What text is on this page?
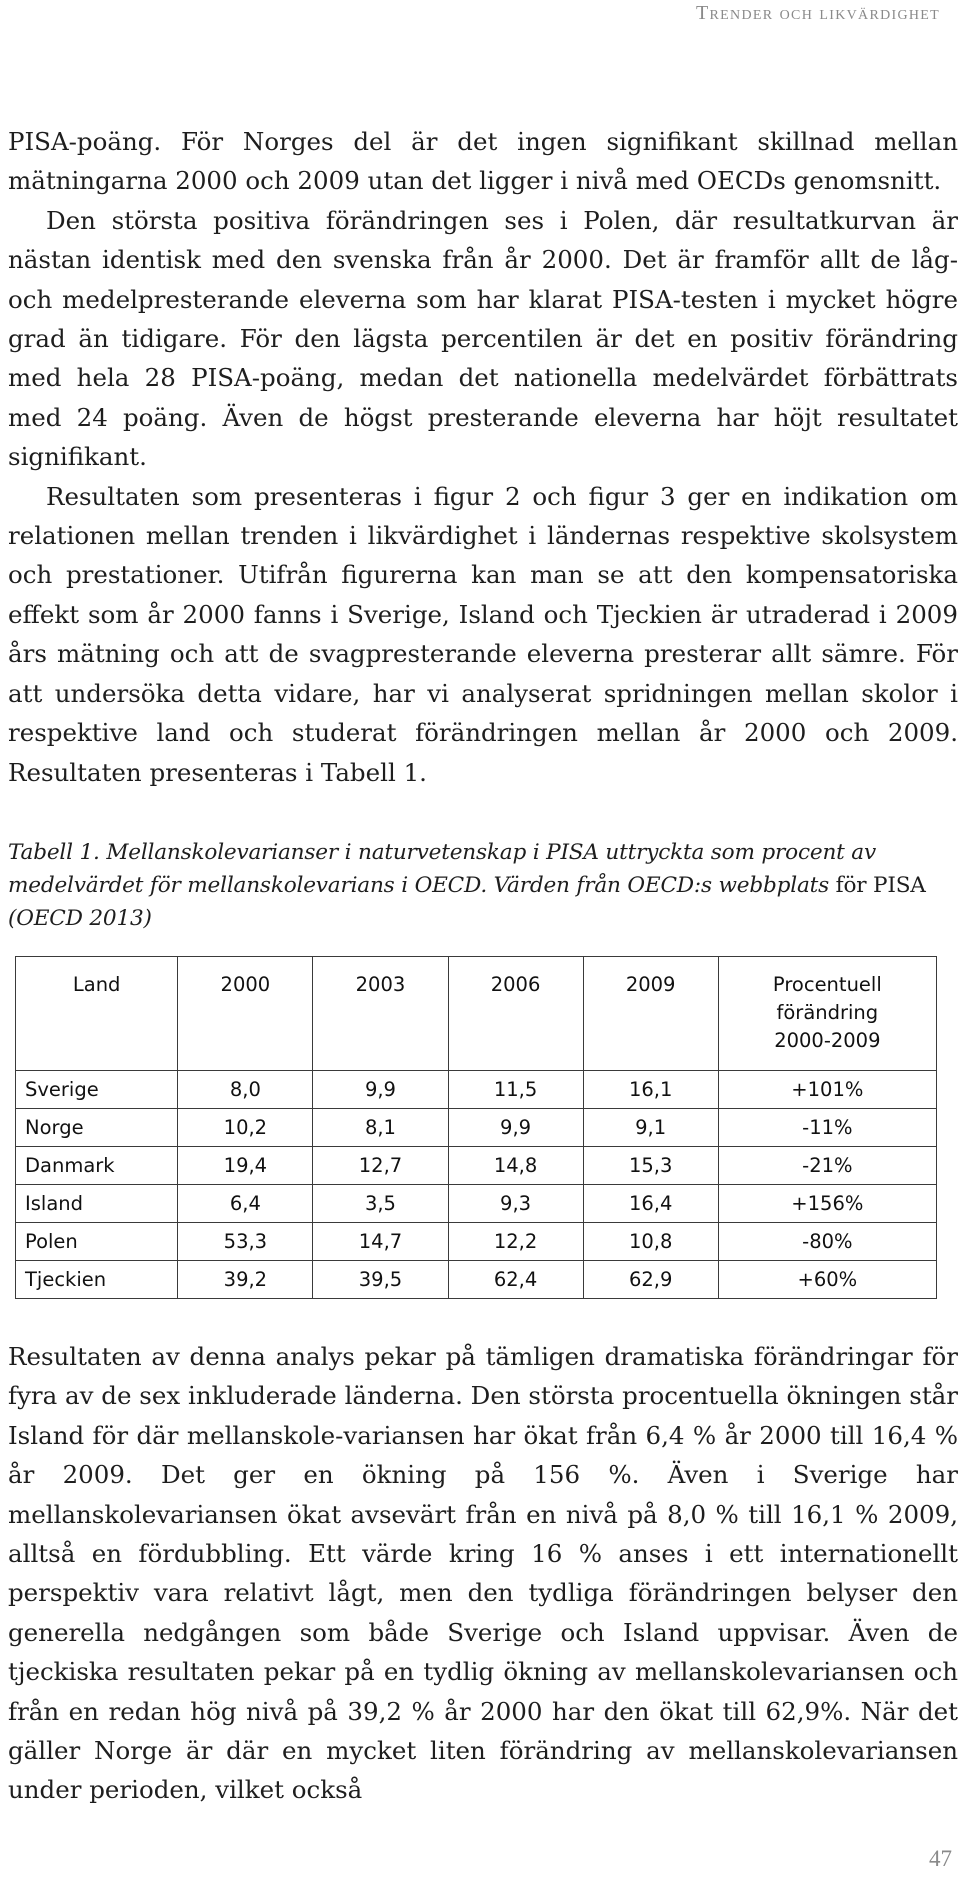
Trender och likvärdighet

PISA-poäng. För Norges del är det ingen signifikant skillnad mellan mätningarna 2000 och 2009 utan det ligger i nivå med OECDs genomsnitt.

Den största positiva förändringen ses i Polen, där resultatkurvan är nästan identisk med den svenska från år 2000. Det är framför allt de låg- och medelpresterande eleverna som har klarat PISA-testen i mycket högre grad än tidigare. För den lägsta percentilen är det en positiv förändring med hela 28 PISA-poäng, medan det nationella medelvärdet förbättrats med 24 poäng. Även de högst presterande eleverna har höjt resultatet signifikant.

Resultaten som presenteras i figur 2 och figur 3 ger en indikation om relationen mellan trenden i likvärdighet i ländernas respektive skolsystem och prestationer. Utifrån figurerna kan man se att den kompensatoriska effekt som år 2000 fanns i Sverige, Island och Tjeckien är utraderad i 2009 års mätning och att de svagpresterande eleverna presterar allt sämre. För att undersöka detta vidare, har vi analyserat spridningen mellan skolor i respektive land och studerat förändringen mellan år 2000 och 2009. Resultaten presenteras i Tabell 1.

Tabell 1. Mellanskolevarianser i naturvetenskap i PISA uttryckta som procent av medelvärdet för mellanskolevarians i OECD. Värden från OECD:s webbplats för PISA (OECD 2013)
Land	2000	2003	2006	2009	Procentuell förändring 2000-2009
Sverige	8,0	9,9	11,5	16,1	+101%
Norge	10,2	8,1	9,9	9,1	-11%
Danmark	19,4	12,7	14,8	15,3	-21%
Island	6,4	3,5	9,3	16,4	+156%
Polen	53,3	14,7	12,2	10,8	-80%
Tjeckien	39,2	39,5	62,4	62,9	+60%

Resultaten av denna analys pekar på tämligen dramatiska förändringar för fyra av de sex inkluderade länderna. Den största procentuella ökningen står Island för där mellanskole-variansen har ökat från 6,4 % år 2000 till 16,4 % år 2009. Det ger en ökning på 156 %. Även i Sverige har mellanskolevariansen ökat avsevärt från en nivå på 8,0 % till 16,1 % 2009, alltså en fördubbling. Ett värde kring 16 % anses i ett internationellt perspektiv vara relativt lågt, men den tydliga förändringen belyser den generella nedgången som både Sverige och Island uppvisar. Även de tjeckiska resultaten pekar på en tydlig ökning av mellanskolevariansen och från en redan hög nivå på 39,2 % år 2000 har den ökat till 62,9%. När det gäller Norge är där en mycket liten förändring av mellanskolevariansen under perioden, vilket också

47
